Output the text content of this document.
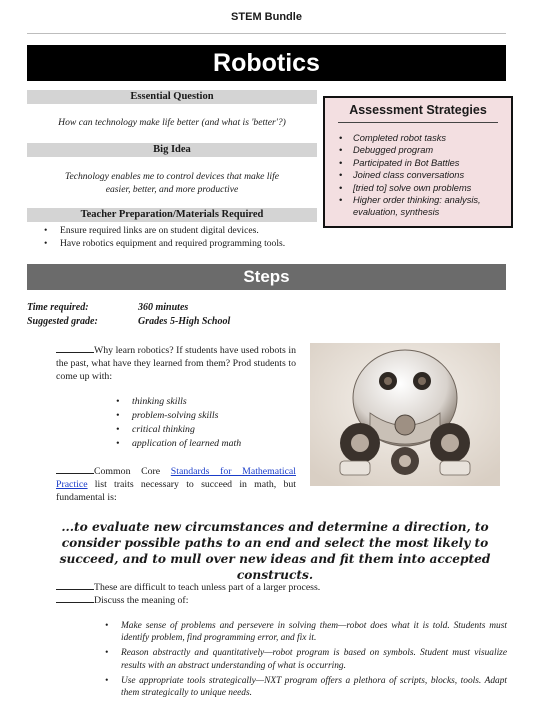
STEM Bundle
Robotics
Essential Question
How can technology make life better (and what is 'better'?)
Big Idea
Technology enables me to control devices that make life
easier, better, and more productive
Teacher Preparation/Materials Required
• Ensure required links are on student digital devices.
• Have robotics equipment and required programming tools.
Assessment Strategies
• Completed robot tasks
• Debugged program
• Participated in Bot Battles
• Joined class conversations
• [tried to] solve own problems
• Higher order thinking: analysis, evaluation, synthesis
Steps
Time required:	360 minutes
Suggested grade:	Grades 5-High School
Why learn robotics? If students have used robots in the past, what have they learned from them? Prod students to come up with:
• thinking skills
• problem-solving skills
• critical thinking
• application of learned math
Common Core Standards for Mathematical Practice list traits necessary to succeed in math, but fundamental is:
...to evaluate new circumstances and determine a direction, to consider possible paths to an end and select the most likely to succeed, and to mull over new ideas and fit them into accepted constructs.
These are difficult to teach unless part of a larger process.
Discuss the meaning of:
• Make sense of problems and persevere in solving them—robot does what it is told. Students must identify problem, find programming error, and fix it.
• Reason abstractly and quantitatively—robot program is based on symbols. Student must visualize results with an abstract understanding of what is occurring.
• Use appropriate tools strategically—NXT program offers a plethora of scripts, blocks, tools. Adapt them strategically to unique needs.
